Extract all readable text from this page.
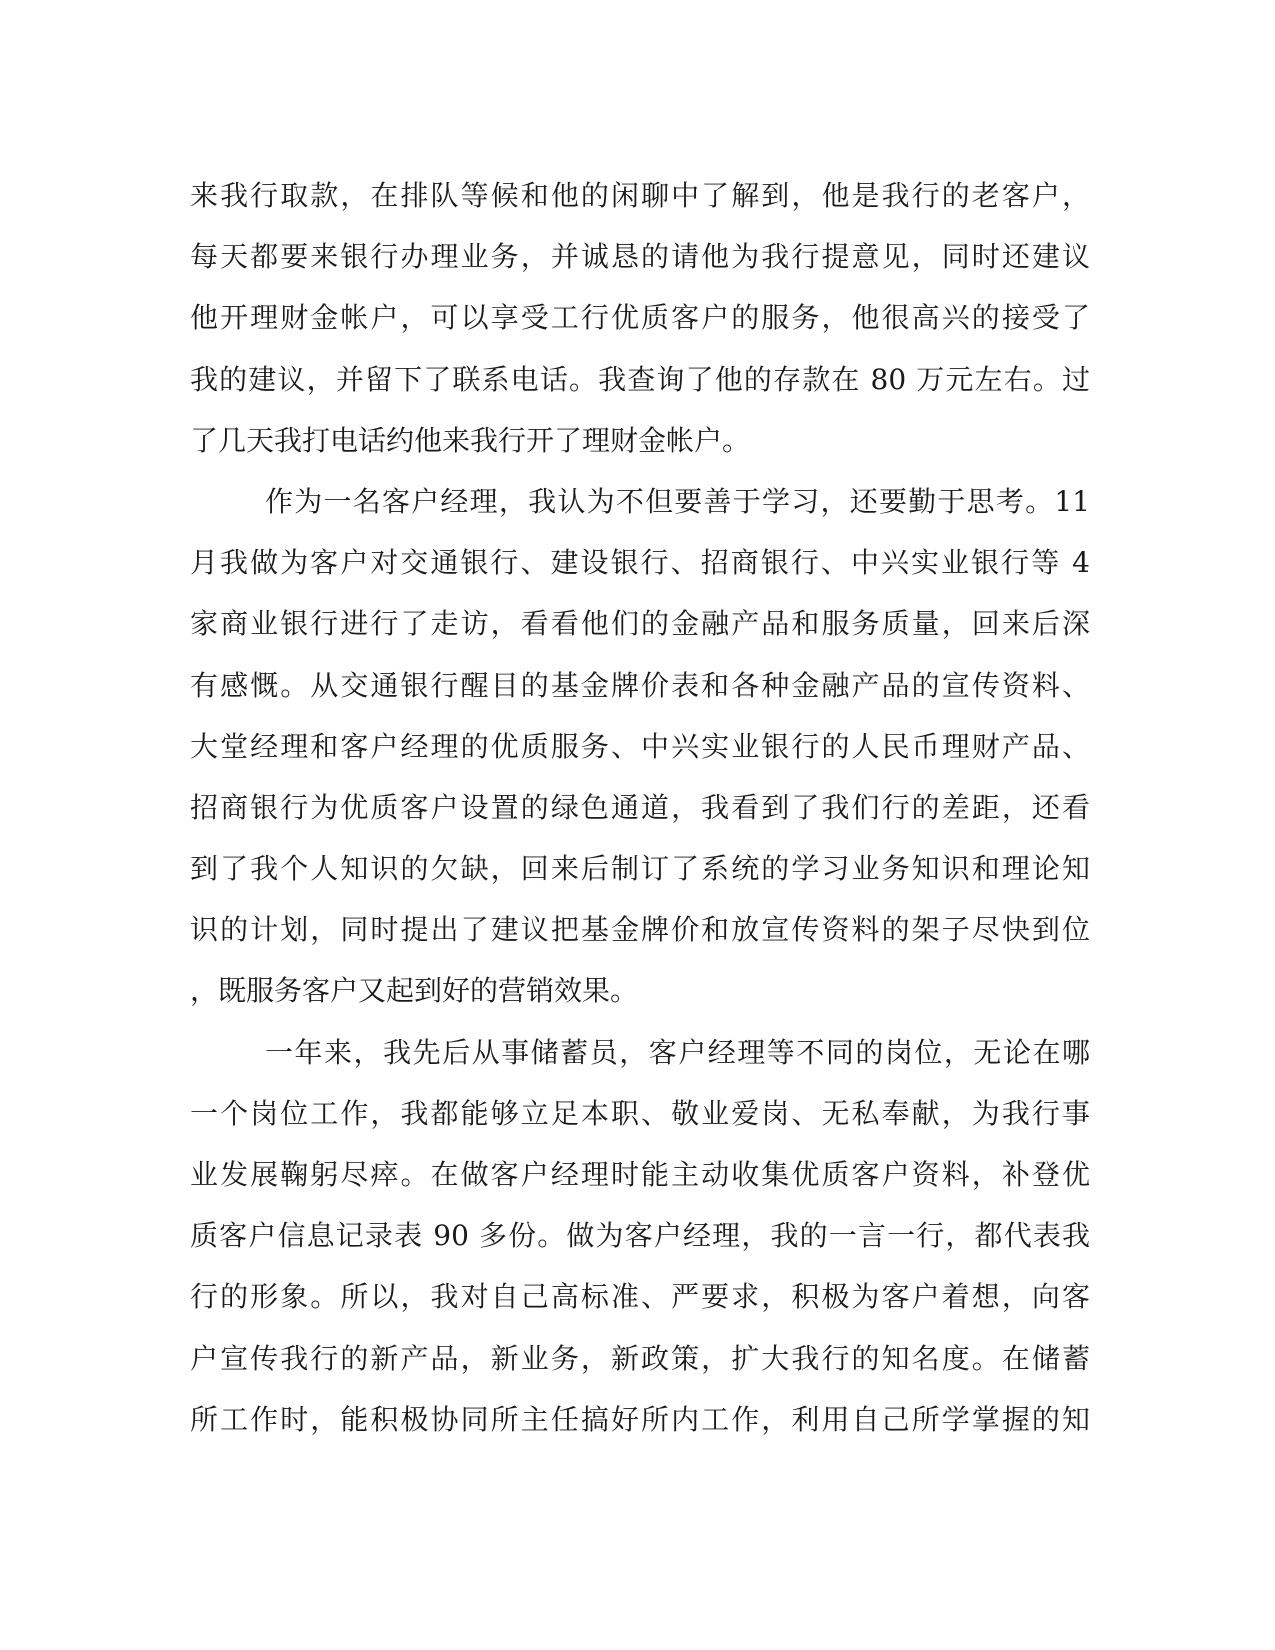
来我行取款，在排队等候和他的闲聊中了解到，他是我行的老客户，
每天都要来银行办理业务，并诚恳的请他为我行提意见，同时还建议
他开理财金帐户，可以享受工行优质客户的服务，他很高兴的接受了
我的建议，并留下了联系电话。我查询了他的存款在 80 万元左右。过
了几天我打电话约他来我行开了理财金帐户。
作为一名客户经理，我认为不但要善于学习，还要勤于思考。11
月我做为客户对交通银行、建设银行、招商银行、中兴实业银行等 4
家商业银行进行了走访，看看他们的金融产品和服务质量，回来后深
有感慨。从交通银行醒目的基金牌价表和各种金融产品的宣传资料、
大堂经理和客户经理的优质服务、中兴实业银行的人民币理财产品、
招商银行为优质客户设置的绿色通道，我看到了我们行的差距，还看
到了我个人知识的欠缺，回来后制订了系统的学习业务知识和理论知
识的计划，同时提出了建议把基金牌价和放宣传资料的架子尽快到位
，既服务客户又起到好的营销效果。
一年来，我先后从事储蓄员，客户经理等不同的岗位，无论在哪
一个岗位工作，我都能够立足本职、敬业爱岗、无私奉献，为我行事
业发展鞠躬尽瘁。在做客户经理时能主动收集优质客户资料，补登优
质客户信息记录表 90 多份。做为客户经理，我的一言一行，都代表我
行的形象。所以，我对自己高标准、严要求，积极为客户着想，向客
户宣传我行的新产品，新业务，新政策，扩大我行的知名度。在储蓄
所工作时，能积极协同所主任搞好所内工作，利用自己所学掌握的知
